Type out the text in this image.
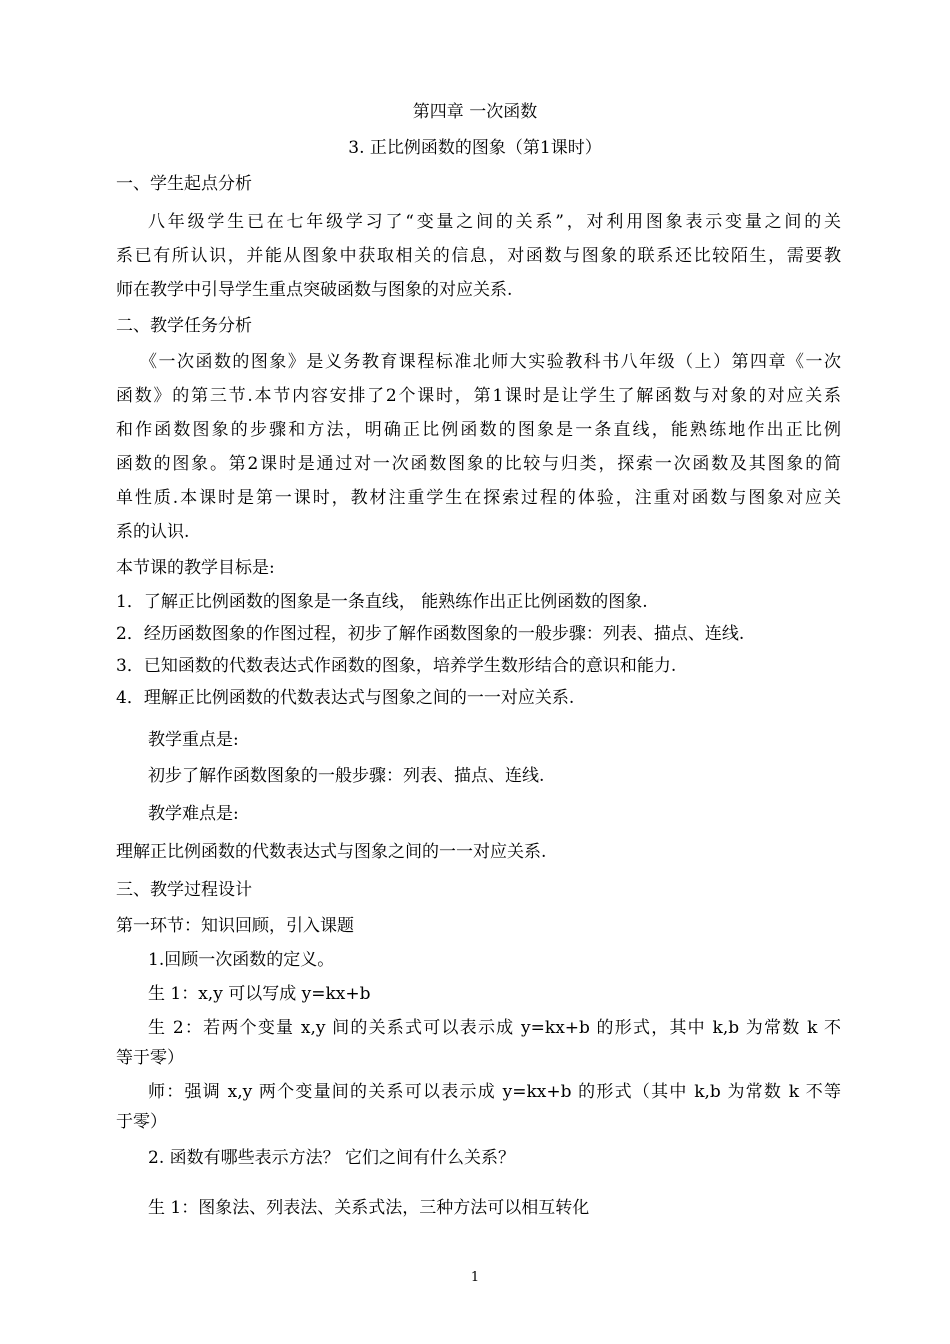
第四章 一次函数
3. 正比例函数的图象（第1课时）
一、学生起点分析
八年级学生已在七年级学习了“变量之间的关系”，对利用图象表示变量之间的关
系已有所认识，并能从图象中获取相关的信息，对函数与图象的联系还比较陌生，需要教
师在教学中引导学生重点突破函数与图象的对应关系.
二、教学任务分析
《一次函数的图象》是义务教育课程标准北师大实验教科书八年级（上）第四章《一次
函数》的第三节.本节内容安排了2个课时，第1课时是让学生了解函数与对象的对应关系
和作函数图象的步骤和方法，明确正比例函数的图象是一条直线，能熟练地作出正比例
函数的图象。第2课时是通过对一次函数图象的比较与归类，探索一次函数及其图象的简
单性质.本课时是第一课时，教材注重学生在探索过程的体验，注重对函数与图象对应关
系的认识.
本节课的教学目标是:
1．了解正比例函数的图象是一条直线， 能熟练作出正比例函数的图象.
2．经历函数图象的作图过程，初步了解作函数图象的一般步骤：列表、描点、连线.
3．已知函数的代数表达式作函数的图象，培养学生数形结合的意识和能力.
4．理解正比例函数的代数表达式与图象之间的一一对应关系.
教学重点是:
初步了解作函数图象的一般步骤：列表、描点、连线.
教学难点是:
理解正比例函数的代数表达式与图象之间的一一对应关系.
三、教学过程设计
第一环节：知识回顾，引入课题
1.回顾一次函数的定义。
生 1：x,y 可以写成 y=kx+b
生 2：若两个变量 x,y 间的关系式可以表示成 y=kx+b 的形式，其中 k,b 为常数 k 不
等于零）
师：强调 x,y 两个变量间的关系可以表示成 y=kx+b 的形式（其中 k,b 为常数 k 不等
于零）
2. 函数有哪些表示方法？ 它们之间有什么关系？
生 1：图象法、列表法、关系式法，三种方法可以相互转化
1
